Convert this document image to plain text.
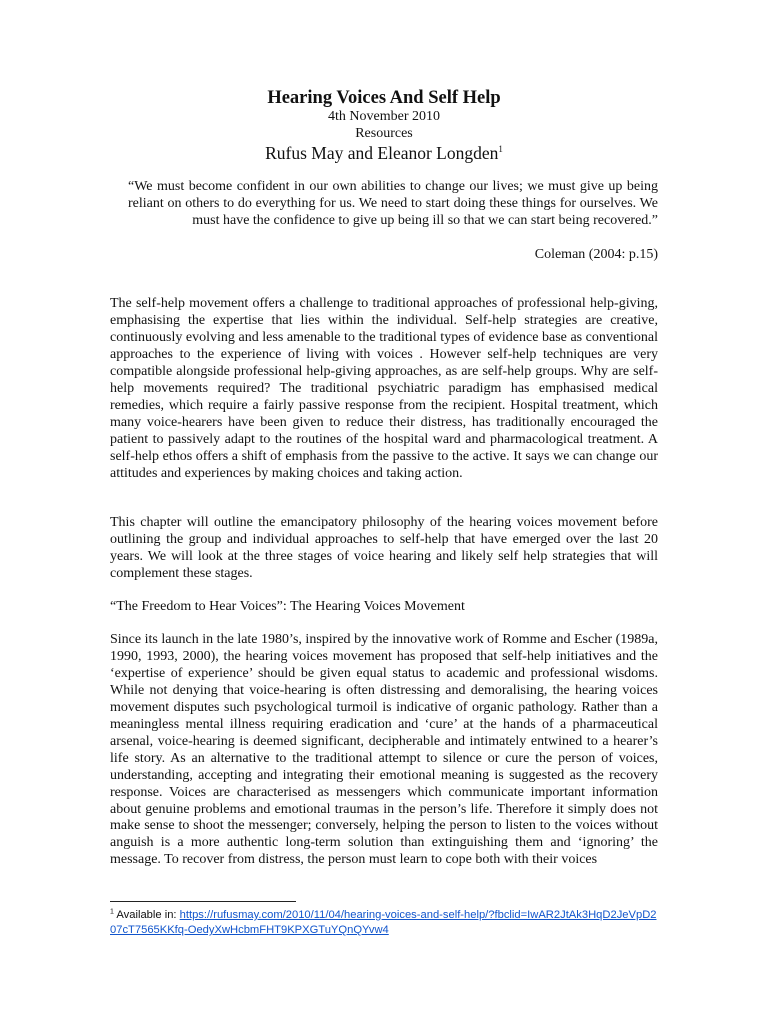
Hearing Voices And Self Help

4th November 2010

Resources

Rufus May and Eleanor Longden$^1$

“We must become confident in our own abilities to change our lives; we must give up being reliant on others to do everything for us. We need to start doing these things for ourselves. We must have the confidence to give up being ill so that we can start being recovered.”

Coleman (2004: p.15)

The self-help movement offers a challenge to traditional approaches of professional help-giving, emphasising the expertise that lies within the individual. Self-help strategies are creative, continuously evolving and less amenable to the traditional types of evidence base as conventional approaches to the experience of living with voices . However self-help techniques are very compatible alongside professional help-giving approaches, as are self-help groups. Why are self-help movements required? The traditional psychiatric paradigm has emphasised medical remedies, which require a fairly passive response from the recipient. Hospital treatment, which many voice-hearers have been given to reduce their distress, has traditionally encouraged the patient to passively adapt to the routines of the hospital ward and pharmacological treatment. A self-help ethos offers a shift of emphasis from the passive to the active. It says we can change our attitudes and experiences by making choices and taking action.

This chapter will outline the emancipatory philosophy of the hearing voices movement before outlining the group and individual approaches to self-help that have emerged over the last 20 years. We will look at the three stages of voice hearing and likely self help strategies that will complement these stages.

“The Freedom to Hear Voices”: The Hearing Voices Movement

Since its launch in the late 1980’s, inspired by the innovative work of Romme and Escher (1989a, 1990, 1993, 2000), the hearing voices movement has proposed that self-help initiatives and the ‘expertise of experience’ should be given equal status to academic and professional wisdoms. While not denying that voice-hearing is often distressing and demoralising, the hearing voices movement disputes such psychological turmoil is indicative of organic pathology. Rather than a meaningless mental illness requiring eradication and ‘cure’ at the hands of a pharmaceutical arsenal, voice-hearing is deemed significant, decipherable and intimately entwined to a hearer’s life story. As an alternative to the traditional attempt to silence or cure the person of voices, understanding, accepting and integrating their emotional meaning is suggested as the recovery response. Voices are characterised as messengers which communicate important information about genuine problems and emotional traumas in the person’s life. Therefore it simply does not make sense to shoot the messenger; conversely, helping the person to listen to the voices without anguish is a more authentic long-term solution than extinguishing them and ‘ignoring’ the message. To recover from distress, the person must learn to cope both with their voices

$^1$ Available in: https://rufusmay.com/2010/11/04/hearing-voices-and-self-help/?fbclid=IwAR2JtAk3HqD2JeVpD207cT7565KKfq-OedyXwHcbmFHT9KPXGTuYQnQYvw4
